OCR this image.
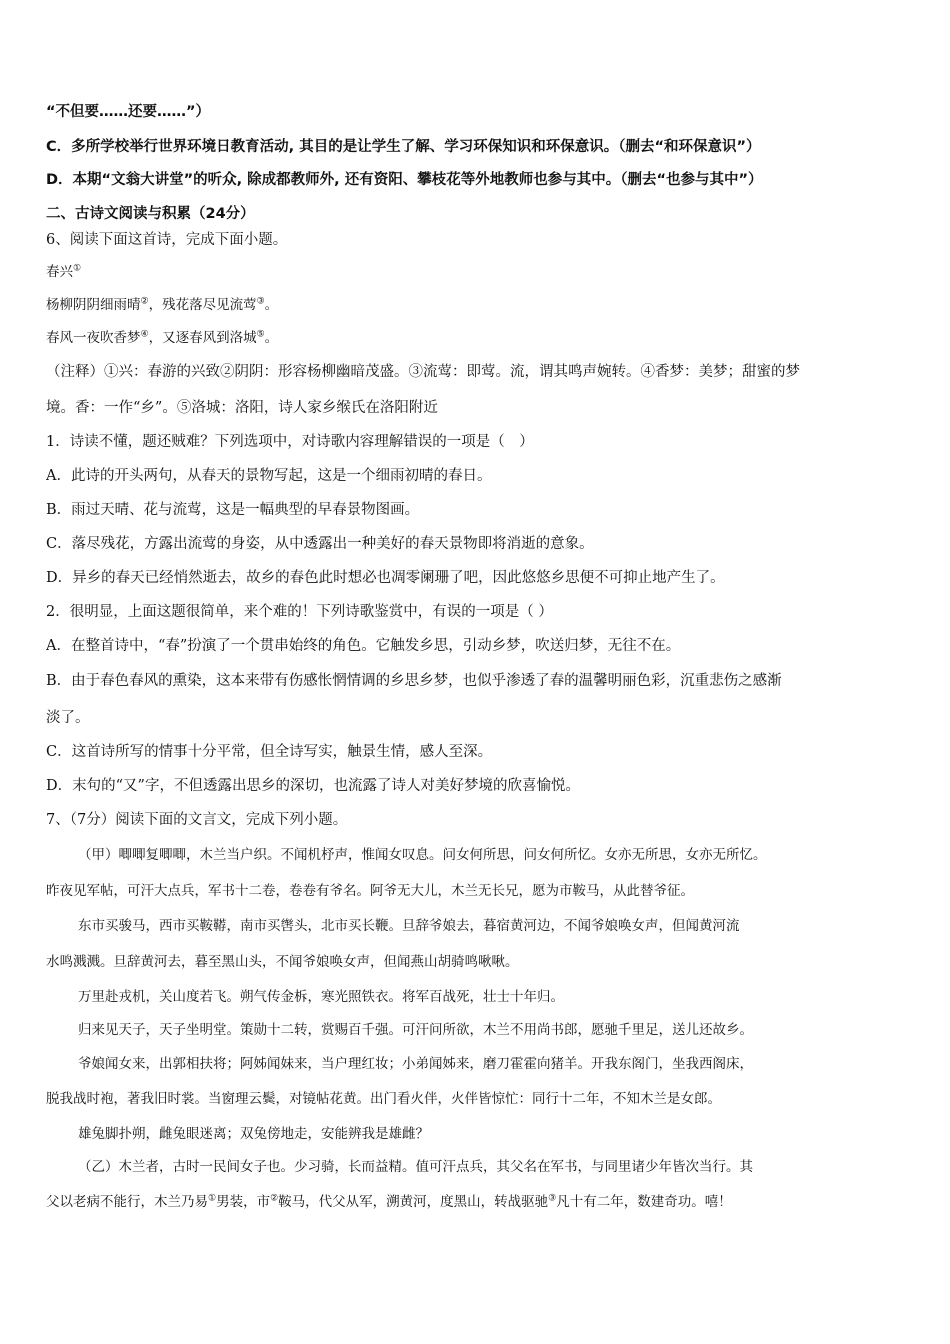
“不但要……还要……”）
C．多所学校举行世界环境日教育活动, 其目的是让学生了解、学习环保知识和环保意识。（删去“和环保意识”）
D．本期“文翁大讲堂”的听众, 除成都教师外, 还有资阳、攀枝花等外地教师也参与其中。（删去“也参与其中”）
二、古诗文阅读与积累（24分）
6、阅读下面这首诗，完成下面小题。
春兴①
杨柳阴阴细雨晴②，残花落尽见流莺③。
春风一夜吹香梦④，又逐春风到洛城⑤。
（注释）①兴：春游的兴致②阴阴：形容杨柳幽暗茂盛。③流莺：即莺。流，谓其鸣声婉转。④香梦：美梦；甜蜜的梦
境。香：一作“乡”。⑤洛城：洛阳，诗人家乡缑氏在洛阳附近
1．诗读不懂，题还贼难？下列选项中，对诗歌内容理解错误的一项是（　）
A．此诗的开头两句，从春天的景物写起，这是一个细雨初晴的春日。
B．雨过天晴、花与流莺，这是一幅典型的早春景物图画。
C．落尽残花，方露出流莺的身姿，从中透露出一种美好的春天景物即将消逝的意象。
D．异乡的春天已经悄然逝去，故乡的春色此时想必也凋零阑珊了吧，因此悠悠乡思便不可抑止地产生了。
2．很明显，上面这题很简单，来个难的！下列诗歌鉴赏中，有误的一项是（ ）
A．在整首诗中，“春”扮演了一个贯串始终的角色。它触发乡思，引动乡梦，吹送归梦，无往不在。
B．由于春色春风的熏染，这本来带有伤感怅惘情调的乡思乡梦，也似乎渗透了春的温馨明丽色彩，沉重悲伤之感渐
淡了。
C．这首诗所写的情事十分平常，但全诗写实，触景生情，感人至深。
D．末句的“又”字，不但透露出思乡的深切，也流露了诗人对美好梦境的欣喜愉悦。
7、（7分）阅读下面的文言文，完成下列小题。
（甲）唧唧复唧唧，木兰当户织。不闻机杼声，惟闻女叹息。问女何所思，问女何所忆。女亦无所思，女亦无所忆。
昨夜见军帖，可汗大点兵，军书十二卷，卷卷有爷名。阿爷无大儿，木兰无长兄，愿为市鞍马，从此替爷征。
东市买骏马，西市买鞍鞯，南市买辔头，北市买长鞭。旦辞爷娘去，暮宿黄河边，不闻爷娘唤女声，但闻黄河流
水鸣溅溅。旦辞黄河去，暮至黑山头，不闻爷娘唤女声，但闻燕山胡骑鸣啾啾。
万里赴戎机，关山度若飞。朔气传金柝，寒光照铁衣。将军百战死，壮士十年归。
归来见天子，天子坐明堂。策勋十二转，赏赐百千强。可汗问所欲，木兰不用尚书郎，愿驰千里足，送儿还故乡。
爷娘闻女来，出郭相扶将；阿姊闻妹来，当户理红妆；小弟闻姊来，磨刀霍霍向猪羊。开我东阁门，坐我西阁床，
脱我战时袍，著我旧时裳。当窗理云鬓，对镜帖花黄。出门看火伴，火伴皆惊忙：同行十二年，不知木兰是女郎。
雄兔脚扑朔，雌兔眼迷离；双兔傍地走，安能辨我是雄雌？
（乙）木兰者，古时一民间女子也。少习骑，长而益精。值可汗点兵，其父名在军书，与同里诸少年皆次当行。其
父以老病不能行，木兰乃易①男装，市②鞍马，代父从军，溯黄河，度黑山，转战驱驰③凡十有二年，数建奇功。嘻！
